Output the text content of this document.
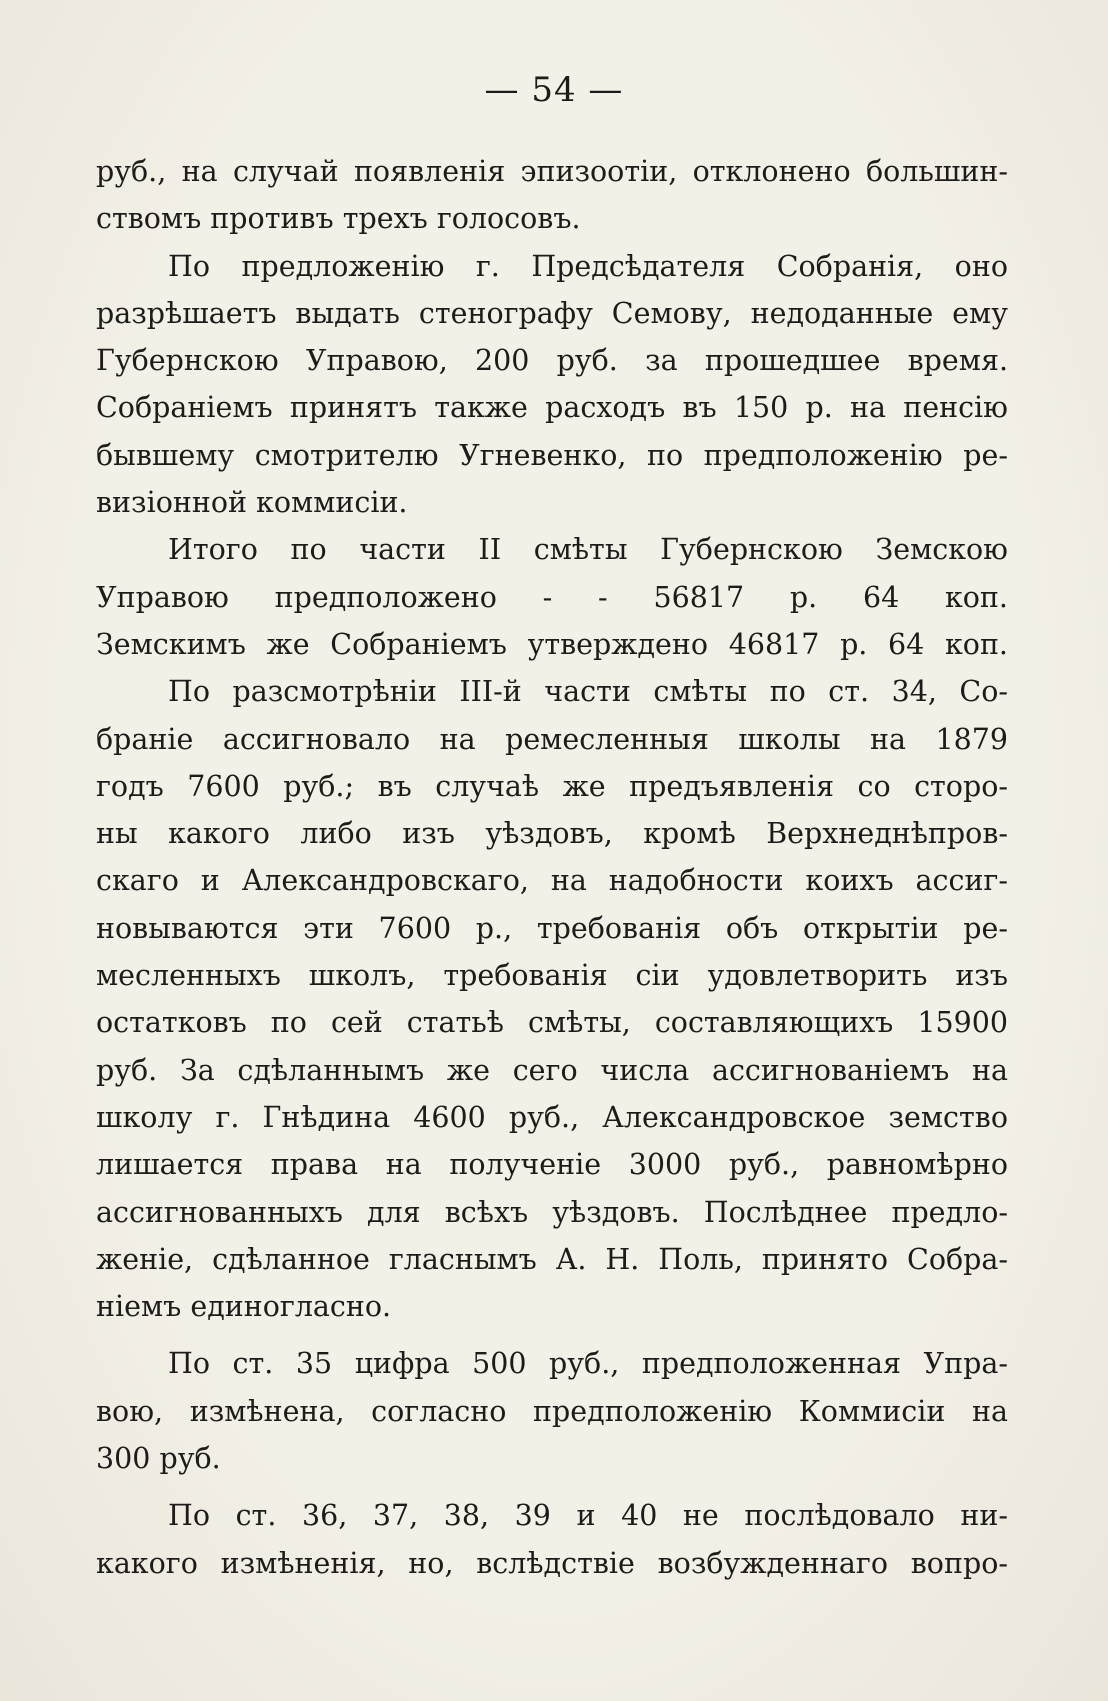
— 54 —
руб., на случай появленія эпизоотіи, отклонено большин-
ствомъ противъ трехъ голосовъ.
По предложенію г. Предсѣдателя Собранія, оно
разрѣшаетъ выдать стенографу Семову, недоданные ему
Губернскою Управою, 200 руб. за прошедшее время.
Собраніемъ принятъ также расходъ въ 150 р. на пенсію
бывшему смотрителю Угневенко, по предположенію ре-
визіонной коммисіи.
Итого по части II смѣты Губернскою Земскою
Управою предположено - - 56817 р. 64 коп.
Земскимъ же Собраніемъ утверждено 46817 р. 64 коп.
По разсмотрѣніи III-й части смѣты по ст. 34, Со-
браніе ассигновало на ремесленныя школы на 1879
годъ 7600 руб.; въ случаѣ же предъявленія со сторо-
ны какого либо изъ уѣздовъ, кромѣ Верхнеднѣпров-
скаго и Александровскаго, на надобности коихъ ассиг-
новываются эти 7600 р., требованія объ открытіи ре-
месленныхъ школъ, требованія сіи удовлетворить изъ
остатковъ по сей статьѣ смѣты, составляющихъ 15900
руб. За сдѣланнымъ же сего числа ассигнованіемъ на
школу г. Гнѣдина 4600 руб., Александровское земство
лишается права на полученіе 3000 руб., равномѣрно
ассигнованныхъ для всѣхъ уѣздовъ. Послѣднее предло-
женіе, сдѣланное гласнымъ А. Н. Поль, принято Собра-
ніемъ единогласно.
По ст. 35 цифра 500 руб., предположенная Упра-
вою, измѣнена, согласно предположенію Коммисіи на
300 руб.
По ст. 36, 37, 38, 39 и 40 не послѣдовало ни-
какого измѣненія, но, вслѣдствіе возбужденнаго вопро-
